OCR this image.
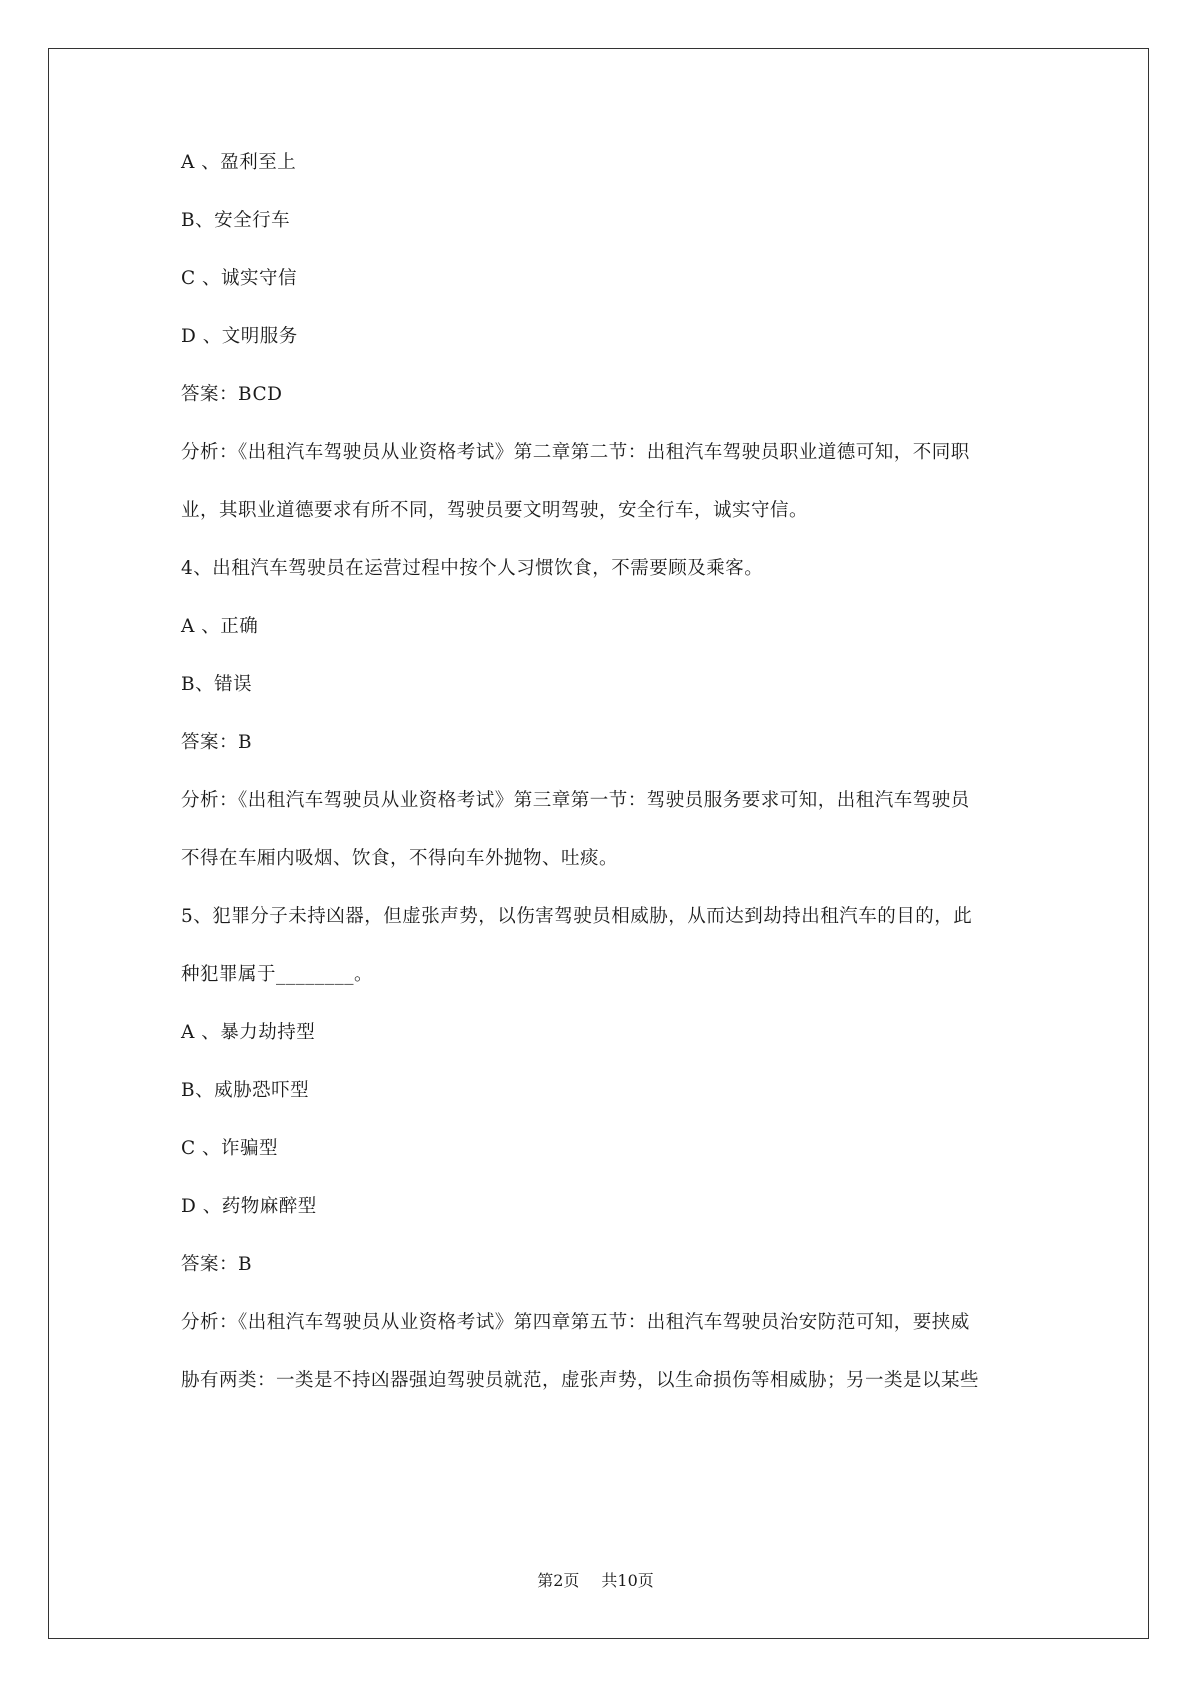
A 、盈利至上
B、安全行车
C 、诚实守信
D 、文明服务
答案：BCD
分析：《出租汽车驾驶员从业资格考试》第二章第二节：出租汽车驾驶员职业道德可知，不同职
业，其职业道德要求有所不同，驾驶员要文明驾驶，安全行车，诚实守信。
4、出租汽车驾驶员在运营过程中按个人习惯饮食，不需要顾及乘客。
A 、正确
B、错误
答案：B
分析：《出租汽车驾驶员从业资格考试》第三章第一节：驾驶员服务要求可知，出租汽车驾驶员
不得在车厢内吸烟、饮食，不得向车外抛物、吐痰。
5、犯罪分子未持凶器，但虚张声势，以伤害驾驶员相威胁，从而达到劫持出租汽车的目的，此
种犯罪属于________。
A 、暴力劫持型
B、威胁恐吓型
C 、诈骗型
D 、药物麻醉型
答案：B
分析：《出租汽车驾驶员从业资格考试》第四章第五节：出租汽车驾驶员治安防范可知，要挟威
胁有两类：一类是不持凶器强迫驾驶员就范，虚张声势，以生命损伤等相威胁；另一类是以某些
第2页 共10页
